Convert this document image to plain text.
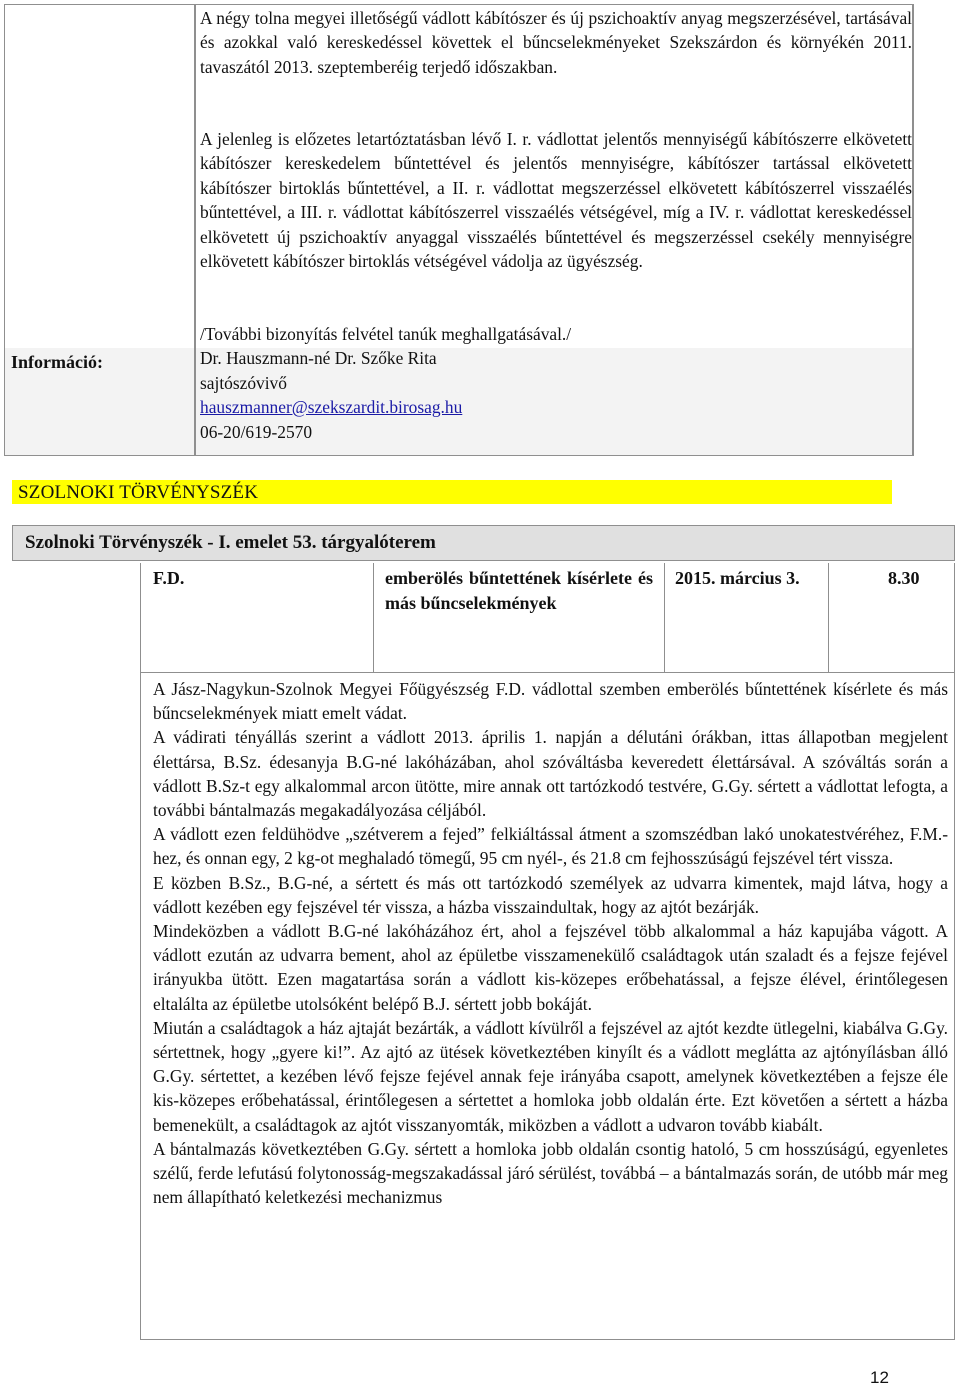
Információ:

A négy tolna megyei illetőségű vádlott kábítószer és új pszichoaktív anyag megszerzésével, tartásával és azokkal való kereskedéssel követtek el bűncselekményeket Szekszárdon és környékén 2011. tavaszától 2013. szeptemberéig terjedő időszakban.

A jelenleg is előzetes letartóztatásban lévő I. r. vádlottat jelentős mennyiségű kábítószerre elkövetett kábítószer kereskedelem bűntettével és jelentős mennyiségre, kábítószer tartással elkövetett kábítószer birtoklás bűntettével, a II. r. vádlottat megszerzéssel elkövetett kábítószerrel visszaélés bűntettével, a III. r. vádlottat kábítószerrel visszaélés vétségével, míg a IV. r. vádlottat kereskedéssel elkövetett új pszichoaktív anyaggal visszaélés bűntettével és megszerzéssel csekély mennyiségre elkövetett kábítószer birtoklás vétségével vádolja az ügyészség.

/További bizonyítás felvétel tanúk meghallgatásával./

Dr. Hauszmann-né Dr. Szőke Rita

sajtószóvivő

hauszmanner@szekszardit.birosag.hu

06-20/619-2570

SZOLNOKI TÖRVÉNYSZÉK
Szolnoki Törvényszék - I. emelet 53. tárgyalóterem
F.D.	emberölés bűntettének kísérlete és más bűncselekmények
2015. március 3.	8.30

A Jász-Nagykun-Szolnok Megyei Főügyészség F.D. vádlottal szemben emberölés bűntettének kísérlete és más bűncselekmények miatt emelt vádat.

A vádirati tényállás szerint a vádlott 2013. április 1. napján a délutáni órákban, ittas állapotban megjelent élettársa, B.Sz. édesanyja B.G-né lakóházában, ahol szóváltásba keveredett élettársával. A szóváltás során a vádlott B.Sz-t egy alkalommal arcon ütötte, mire annak ott tartózkodó testvére, G.Gy. sértett a vádlottat lefogta, a további bántalmazás megakadályozása céljából.

A vádlott ezen feldühödve „szétverem a fejed” felkiáltással átment a szomszédban lakó unokatestvéréhez, F.M.-hez, és onnan egy, 2 kg-ot meghaladó tömegű, 95 cm nyél-, és 21.8 cm fejhosszúságú fejszével tért vissza.

E közben B.Sz., B.G-né, a sértett és más ott tartózkodó személyek az udvarra kimentek, majd látva, hogy a vádlott kezében egy fejszével tér vissza, a házba visszaindultak, hogy az ajtót bezárják.

Mindeközben a vádlott B.G-né lakóházához ért, ahol a fejszével több alkalommal a ház kapujába vágott. A vádlott ezután az udvarra bement, ahol az épületbe visszamenekülő családtagok után szaladt és a fejsze fejével irányukba ütött. Ezen magatartása során a vádlott kis-közepes erőbehatással, a fejsze élével, érintőlegesen eltalálta az épületbe utolsóként belépő B.J. sértett jobb bokáját.

Miután a családtagok a ház ajtaját bezárták, a vádlott kívülről a fejszével az ajtót kezdte ütlegelni, kiabálva G.Gy. sértettnek, hogy „gyere ki!”. Az ajtó az ütések következtében kinyílt és a vádlott meglátta az ajtónyílásban álló G.Gy. sértettet, a kezében lévő fejsze fejével annak feje irányába csapott, amelynek következtében a fejsze éle kis-közepes erőbehatással, érintőlegesen a sértettet a homloka jobb oldalán érte. Ezt követően a sértett a házba bemenekült, a családtagok az ajtót visszanyomták, miközben a vádlott a udvaron tovább kiabált.

A bántalmazás következtében G.Gy. sértett a homloka jobb oldalán csontig hatoló, 5 cm hosszúságú, egyenletes szélű, ferde lefutású folytonosság-megszakadással járó sérülést, továbbá – a bántalmazás során, de utóbb már meg nem állapítható keletkezési mechanizmus

12
